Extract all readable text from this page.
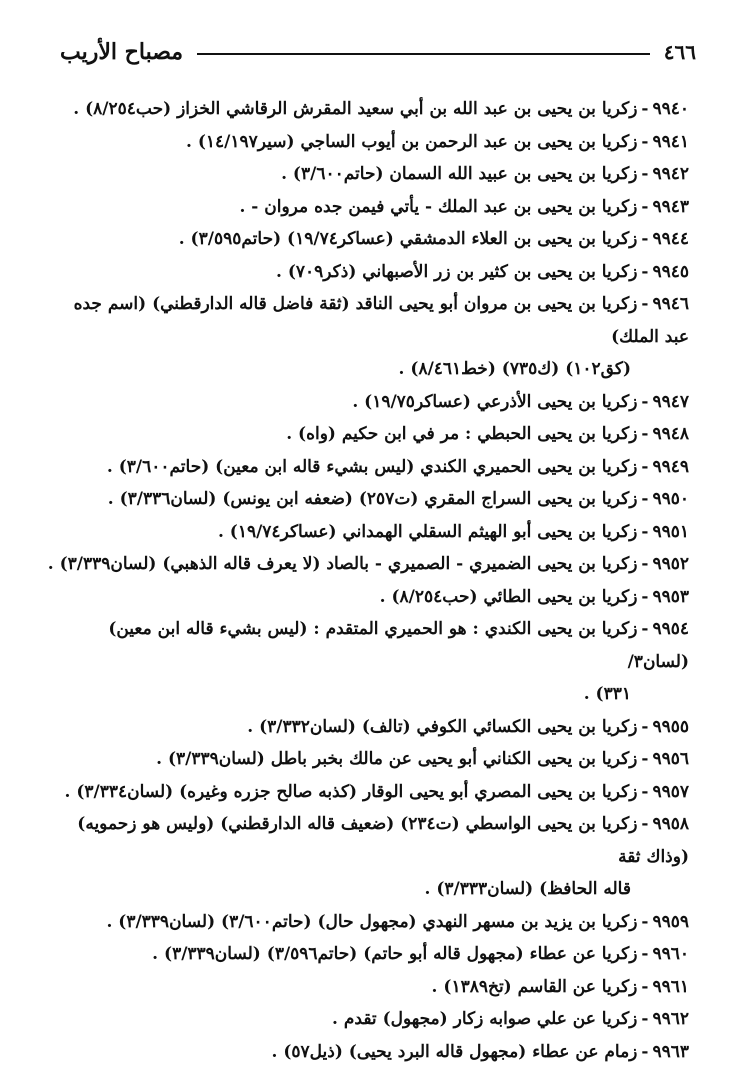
٤٦٦
مصباح الأريب
٩٩٤٠-زكريا بن يحيى بن عبد الله بن أبي سعيد المقرش الرقاشي الخزاز (حب٨/٢٥٤) .
٩٩٤١-زكريا بن يحيى بن عبد الرحمن بن أيوب الساجي (سير١٤/١٩٧) .
٩٩٤٢-زكريا بن يحيى بن عبيد الله السمان (حاتم٣/٦٠٠) .
٩٩٤٣-زكريا بن يحيى بن عبد الملك - يأتي فيمن جده مروان - .
٩٩٤٤-زكريا بن يحيى بن العلاء الدمشقي (عساكر١٩/٧٤) (حاتم٣/٥٩٥) .
٩٩٤٥-زكريا بن يحيى بن كثير بن زر الأصبهاني (ذكر٧٠٩) .
٩٩٤٦-زكريا بن يحيى بن مروان أبو يحيى الناقد (ثقة فاضل قاله الدارقطني) (اسم جده عبد الملك)
(كق١٠٢) (ك٧٣٥) (خط٨/٤٦١) .
٩٩٤٧-زكريا بن يحيى الأذرعي (عساكر١٩/٧٥) .
٩٩٤٨-زكريا بن يحيى الحبطي : مر في ابن حكيم (واه) .
٩٩٤٩-زكريا بن يحيى الحميري الكندي (ليس بشيء قاله ابن معين) (حاتم٣/٦٠٠) .
٩٩٥٠-زكريا بن يحيى السراج المقري (ت٢٥٧) (ضعفه ابن يونس) (لسان٣/٣٣٦) .
٩٩٥١-زكريا بن يحيى أبو الهيثم السقلي الهمداني (عساكر١٩/٧٤) .
٩٩٥٢-زكريا بن يحيى الضميري - الصميري - بالصاد (لا يعرف قاله الذهبي) (لسان٣/٣٣٩) .
٩٩٥٣-زكريا بن يحيى الطائي (حب٨/٢٥٤) .
٩٩٥٤-زكريا بن يحيى الكندي : هو الحميري المتقدم : (ليس بشيء قاله ابن معين) (لسان٣/
٣٣١) .
٩٩٥٥-زكريا بن يحيى الكسائي الكوفي (تالف) (لسان٣/٣٣٢) .
٩٩٥٦-زكريا بن يحيى الكناني أبو يحيى عن مالك بخبر باطل (لسان٣/٣٣٩) .
٩٩٥٧-زكريا بن يحيى المصري أبو يحيى الوقار (كذبه صالح جزره وغيره) (لسان٣/٣٣٤) .
٩٩٥٨-زكريا بن يحيى الواسطي (ت٢٣٤) (ضعيف قاله الدارقطني) (وليس هو زحمويه) (وذاك ثقة
قاله الحافظ) (لسان٣/٣٣٣) .
٩٩٥٩-زكريا بن يزيد بن مسهر النهدي (مجهول حال) (حاتم٣/٦٠٠) (لسان٣/٣٣٩) .
٩٩٦٠-زكريا عن عطاء (مجهول قاله أبو حاتم) (حاتم٣/٥٩٦) (لسان٣/٣٣٩) .
٩٩٦١-زكريا عن القاسم (تخ١٣٨٩) .
٩٩٦٢-زكريا عن علي صوابه زكار (مجهول) تقدم .
٩٩٦٣-زمام عن عطاء (مجهول قاله البرد يحيى) (ذيل٥٧) .
